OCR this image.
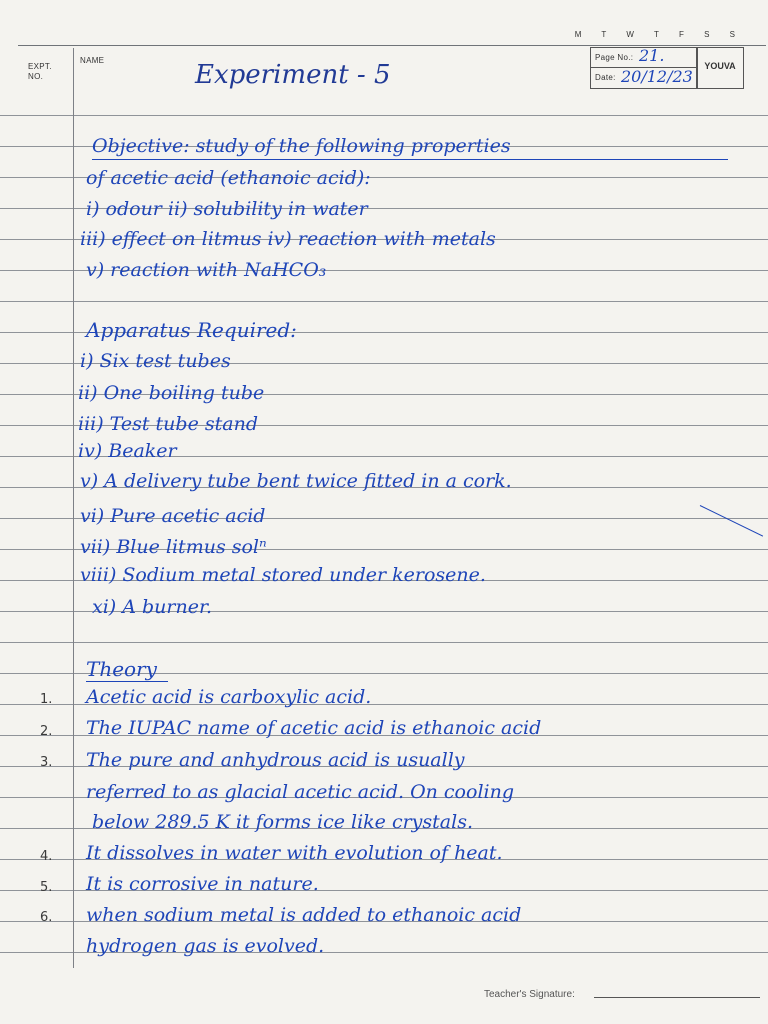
M T W T F S S
EXPT. NO.
NAME	Page No.: 21.
Date: 20/12/23
YOUVA
Experiment - 5
Objective: study of the following properties
of acetic acid (ethanoic acid):
i) odour ii) solubility in water
iii) effect on litmus iv) reaction with metals
v) reaction with NaHCO₃
Apparatus Required:
i) Six test tubes
ii) One boiling tube
iii) Test tube stand
iv) Beaker
v) A delivery tube bent twice fitted in a cork.
vi) Pure acetic acid
vii) Blue litmus solⁿ
viii) Sodium metal stored under kerosene.
xi) A burner.
Theory
1.
2.
3.
4.
5.
6.
Acetic acid is carboxylic acid.
The IUPAC name of acetic acid is ethanoic acid
The pure and anhydrous acid is usually
referred to as glacial acetic acid. On cooling
below 289.5 K it forms ice like crystals.
It dissolves in water with evolution of heat.
It is corrosive in nature.
when sodium metal is added to ethanoic acid
hydrogen gas is evolved.
Teacher's Signature:
